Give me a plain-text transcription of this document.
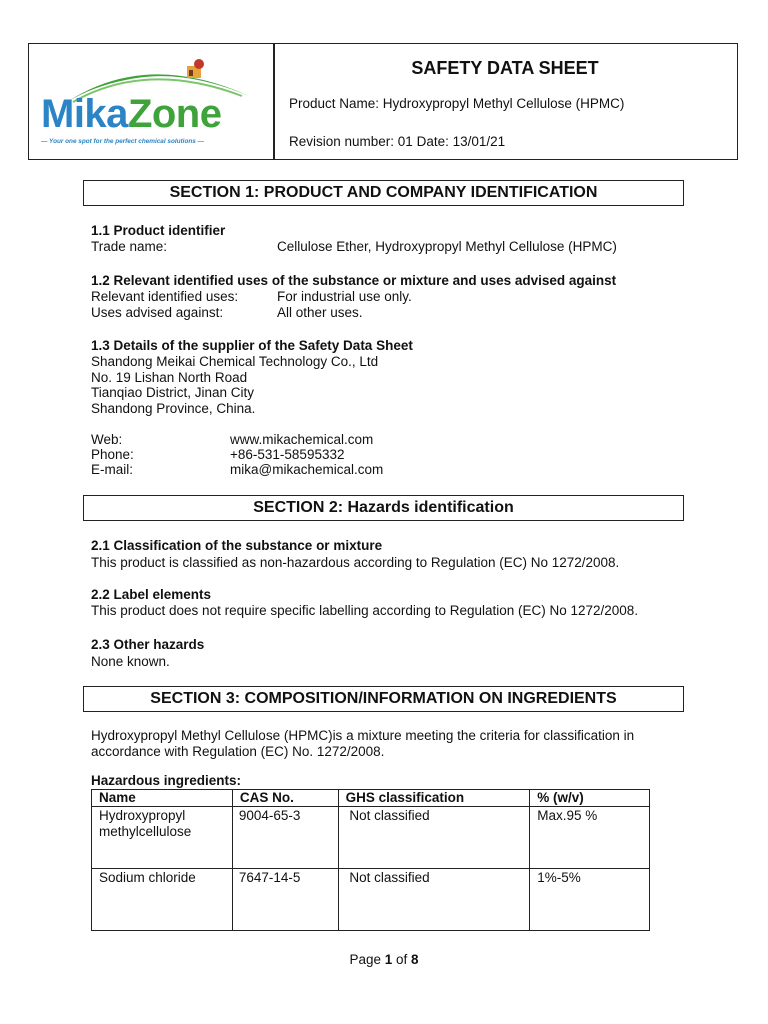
MikaZone
— Your one spot for the perfect chemical solutions —
SAFETY DATA SHEET
Product Name: Hydroxypropyl Methyl Cellulose (HPMC)
Revision number: 01 Date: 13/01/21
SECTION 1: PRODUCT AND COMPANY IDENTIFICATION
1.1 Product identifier
Trade name:	Cellulose Ether, Hydroxypropyl Methyl Cellulose (HPMC)
1.2 Relevant identified uses of the substance or mixture and uses advised against
Relevant identified uses:	For industrial use only.
Uses advised against:	All other uses.
1.3 Details of the supplier of the Safety Data Sheet
Shandong Meikai Chemical Technology Co., Ltd
No. 19 Lishan North Road
Tianqiao District, Jinan City
Shandong Province, China.
Web:	www.mikachemical.com
Phone:	+86-531-58595332
E-mail:	mika@mikachemical.com
SECTION 2: Hazards identification
2.1 Classification of the substance or mixture
This product is classified as non-hazardous according to Regulation (EC) No 1272/2008.
2.2 Label elements
This product does not require specific labelling according to Regulation (EC) No 1272/2008.
2.3 Other hazards
None known.
SECTION 3: COMPOSITION/INFORMATION ON INGREDIENTS
Hydroxypropyl Methyl Cellulose (HPMC)is a mixture meeting the criteria for classification in
accordance with Regulation (EC) No. 1272/2008.
Hazardous ingredients:
Name	CAS No.	GHS classification	% (w/v)
Hydroxypropyl
methylcellulose	9004-65-3	Not classified	Max.95 %
Sodium chloride	7647-14-5	Not classified	1%-5%
Page 1 of 8
